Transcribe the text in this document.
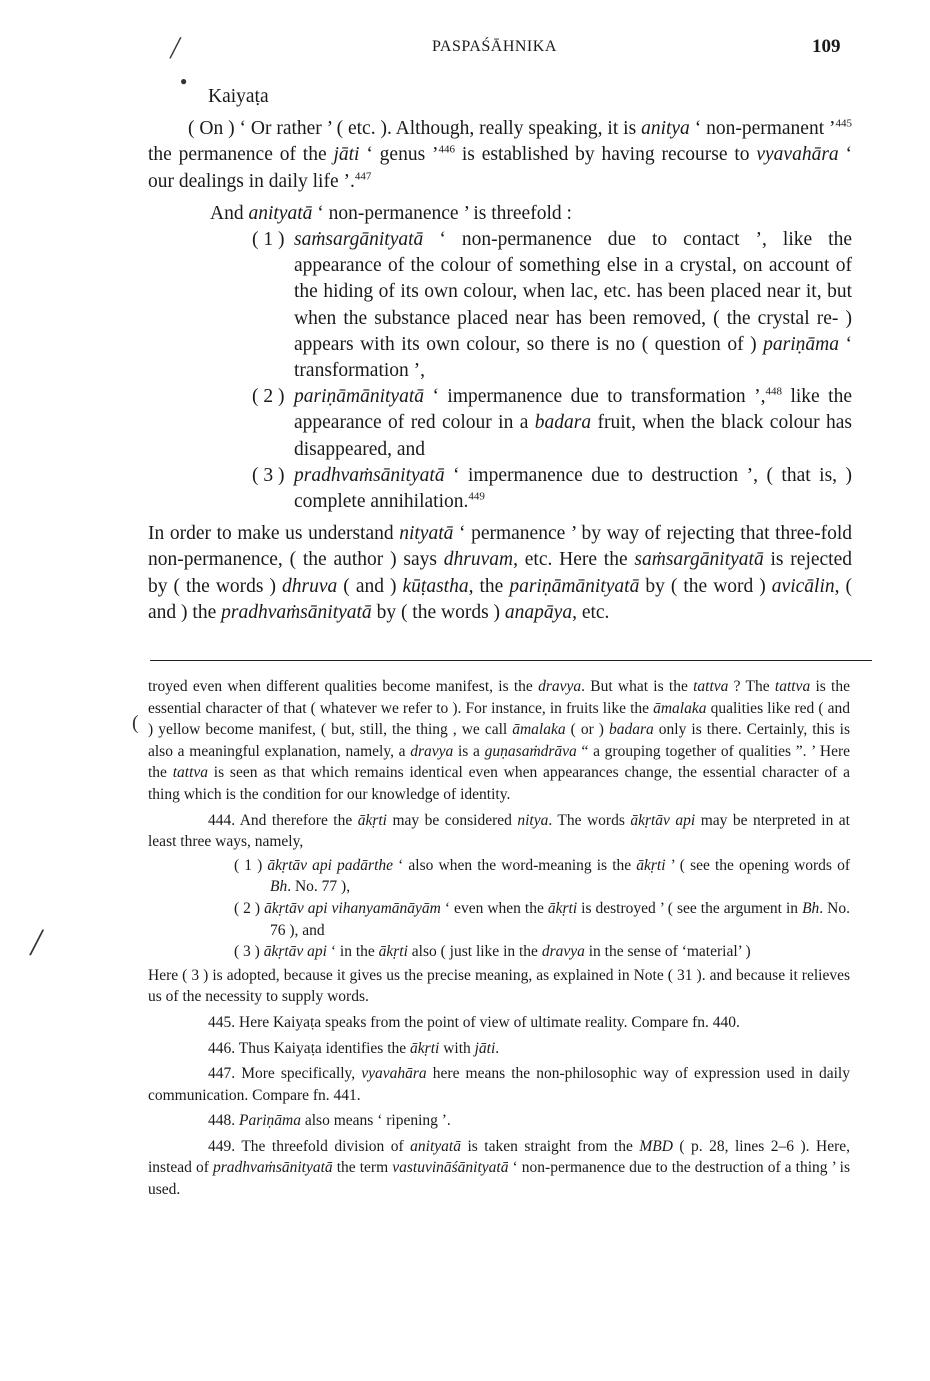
PASPAŚĀHNIKA	109
╱
●
(
╱

Kaiyaṭa

( On ) ‘ Or rather ’ ( etc. ). Although, really speaking, it is anitya ‘ non-permanent ’$^{445}$ the permanence of the jāti ‘ genus ’$^{446}$ is established by having recourse to vyavahāra ‘ our dealings in daily life ’.$^{447}$

And anityatā ‘ non-permanence ’ is threefold :

( 1 ) saṁsargānityatā ‘ non-permanence due to contact ’, like the appearance of the colour of something else in a crystal, on account of the hiding of its own colour, when lac, etc. has been placed near it, but when the substance placed near has been removed, ( the crystal re- ) appears with its own colour, so there is no ( question of ) pariṇāma ‘ transformation ’,
( 2 ) pariṇāmānityatā ‘ impermanence due to transformation ’,$^{448}$ like the appearance of red colour in a badara fruit, when the black colour has disappeared, and
( 3 ) pradhvaṁsānityatā ‘ impermanence due to destruction ’, ( that is, ) complete annihilation.$^{449}$

In order to make us understand nityatā ‘ permanence ’ by way of rejecting that three-fold non-permanence, ( the author ) says dhruvam, etc. Here the saṁsargānityatā is rejected by ( the words ) dhruva ( and ) kūṭastha, the pariṇāmānityatā by ( the word ) avicālin, ( and ) the pradhvaṁsānityatā by ( the words ) anapāya, etc.

troyed even when different qualities become manifest, is the dravya. But what is the tattva ? The tattva is the essential character of that ( whatever we refer to ). For instance, in fruits like the āmalaka qualities like red ( and ) yellow become manifest, ( but, still, the thing , we call āmalaka ( or ) badara only is there. Certainly, this is also a meaningful explanation, namely, a dravya is a guṇasaṁdrāva “ a grouping together of qualities ”. ’ Here the tattva is seen as that which remains identical even when appearances change, the essential character of a thing which is the condition for our knowledge of identity.

444. And therefore the ākṛti may be considered nitya. The words ākṛtāv api may be nterpreted in at least three ways, namely,

( 1 ) ākṛtāv api padārthe ‘ also when the word-meaning is the ākṛti ’ ( see the opening words of Bh. No. 77 ),

( 2 ) ākṛtāv api vihanyamānāyām ‘ even when the ākṛti is destroyed ’ ( see the argument in Bh. No. 76 ), and

( 3 ) ākṛtāv api ‘ in the ākṛti also ( just like in the dravya in the sense of ‘material’ )

Here ( 3 ) is adopted, because it gives us the precise meaning, as explained in Note ( 31 ). and because it relieves us of the necessity to supply words.

445. Here Kaiyaṭa speaks from the point of view of ultimate reality. Compare fn. 440.

446. Thus Kaiyaṭa identifies the ākṛti with jāti.

447. More specifically, vyavahāra here means the non-philosophic way of expression used in daily communication. Compare fn. 441.

448. Pariṇāma also means ‘ ripening ’.

449. The threefold division of anityatā is taken straight from the MBD ( p. 28, lines 2–6 ). Here, instead of pradhvaṁsānityatā the term vastuvināśānityatā ‘ non-permanence due to the destruction of a thing ’ is used.
